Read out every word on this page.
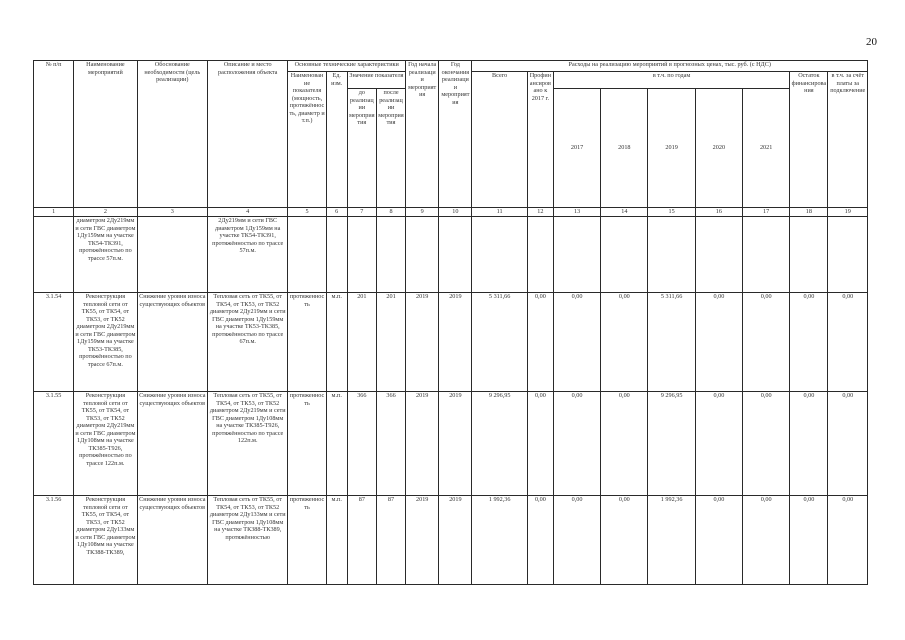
20
№ п/п	Наименование мероприятий	Обоснование необходимости (цель реализации)	Описание и место расположения объекта	Основные технические характеристики				Год начала реализации мероприятия	Год окончания реализации мероприятия	Расходы на реализацию мероприятий в прогнозных ценах, тыс. руб. (с НДС)								
				Наименование показателя (мощность, протяжённость, диаметр и т.п.)	Ед. изм.	Значение показателя				Всего	Профинансировано к 2017 г.	в т.ч. по годам					Остаток финансирования	в т.ч. за счёт платы за подключение
						до реализации мероприятия	после реализации мероприятия					2017	2018	2019	2020	2021		
1	2	3	4	5	6	7	8	9	10	11	12	13	14	15	16	17	18	19
	диаметром 2Ду219мм и сети ГВС диаметром 1Ду159мм на участке ТК54-ТК391, протяжённостью по трассе 57п.м.		2Ду219мм и сети ГВС диаметром 1Ду159мм на участке ТК54-ТК391, протяжённостью по трассе 57п.м.															
3.1.54	Реконструкция тепловой сети от ТК55, от ТК54, от ТК53, от ТК52 диаметром 2Ду219мм и сети ГВС диаметром 1Ду159мм на участке ТК53-ТК385, протяжённостью по трассе 67п.м.	Снижение уровня износа существующих объектов	Тепловая сеть от ТК55, от ТК54, от ТК53, от ТК52 диаметром 2Ду219мм и сети ГВС диаметром 1Ду159мм на участке ТК53-ТК385, протяжённостью по трассе 67п.м.	протяженность	м.п.	201	201	2019	2019	5 311,66	0,00	0,00	0,00	5 311,66	0,00	0,00	0,00	0,00
3.1.55	Реконструкция тепловой сети от ТК55, от ТК54, от ТК53, от ТК52 диаметром 2Ду219мм и сети ГВС диаметром 1Ду108мм на участке ТК385-Т926, протяжённостью по трассе 122п.м.	Снижение уровня износа существующих объектов	Тепловая сеть от ТК55, от ТК54, от ТК53, от ТК52 диаметром 2Ду219мм и сети ГВС диаметром 1Ду108мм на участке ТК385-Т926, протяжённостью по трассе 122п.м.	протяженность	м.п.	366	366	2019	2019	9 296,95	0,00	0,00	0,00	9 296,95	0,00	0,00	0,00	0,00
3.1.56	Реконструкция тепловой сети от ТК55, от ТК54, от ТК53, от ТК52 диаметром 2Ду133мм и сети ГВС диаметром 1Ду108мм на участке ТК388-ТК389,	Снижение уровня износа существующих объектов	Тепловая сеть от ТК55, от ТК54, от ТК53, от ТК52 диаметром 2Ду133мм и сети ГВС диаметром 1Ду108мм на участке ТК388-ТК389, протяжённостью	протяженность	м.п.	87	87	2019	2019	1 992,36	0,00	0,00	0,00	1 992,36	0,00	0,00	0,00	0,00
